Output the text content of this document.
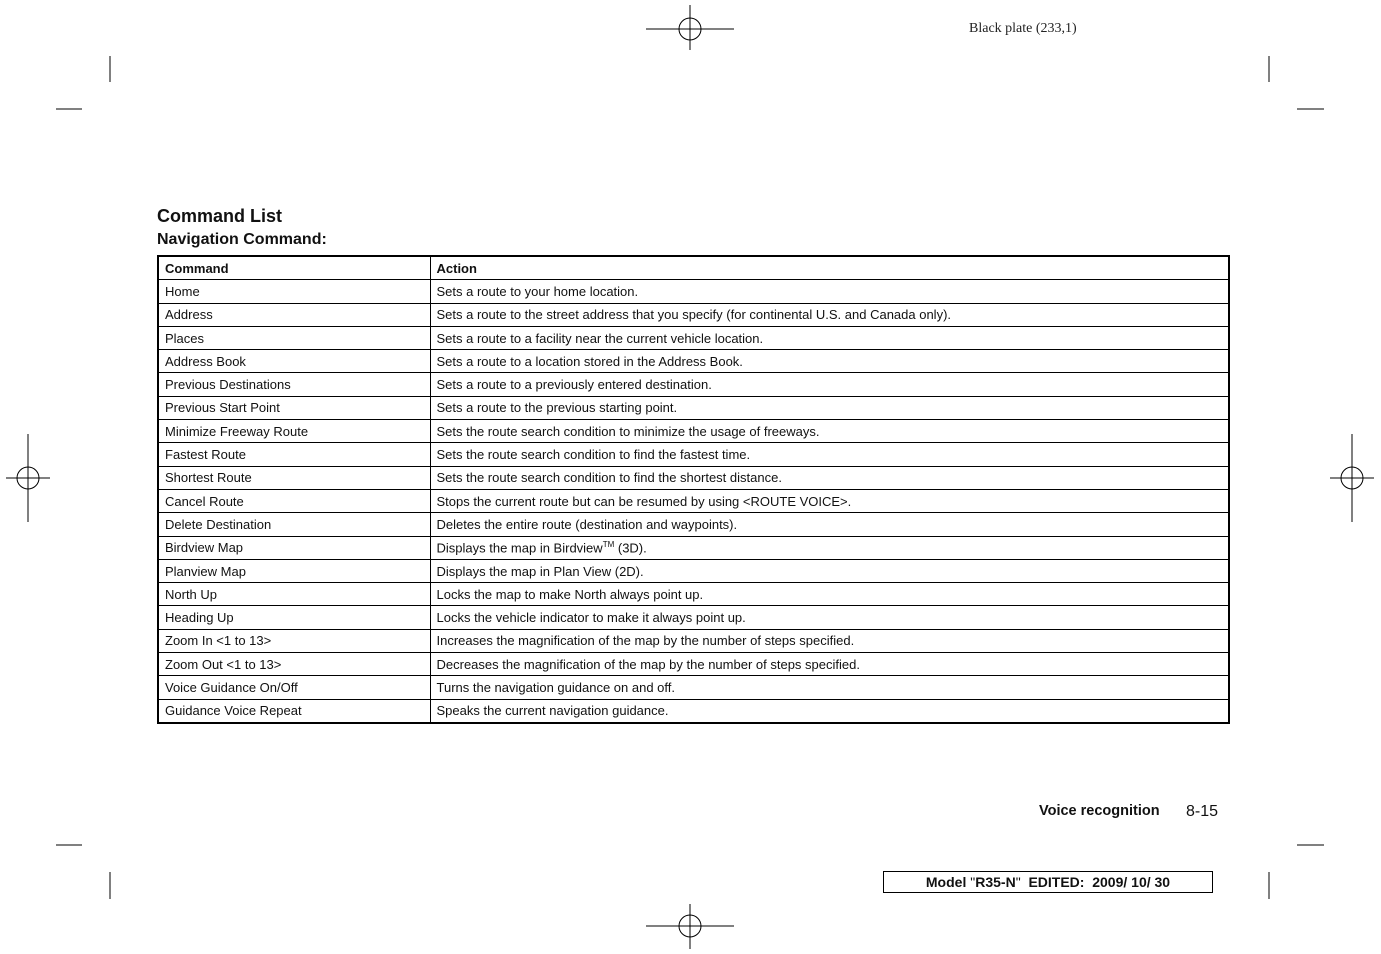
Black plate (233,1)
Command List
Navigation Command:
Command	Action
Home	Sets a route to your home location.
Address	Sets a route to the street address that you specify (for continental U.S. and Canada only).
Places	Sets a route to a facility near the current vehicle location.
Address Book	Sets a route to a location stored in the Address Book.
Previous Destinations	Sets a route to a previously entered destination.
Previous Start Point	Sets a route to the previous starting point.
Minimize Freeway Route	Sets the route search condition to minimize the usage of freeways.
Fastest Route	Sets the route search condition to find the fastest time.
Shortest Route	Sets the route search condition to find the shortest distance.
Cancel Route	Stops the current route but can be resumed by using <ROUTE VOICE>.
Delete Destination	Deletes the entire route (destination and waypoints).
Birdview Map	Displays the map in Birdview™ (3D).
Planview Map	Displays the map in Plan View (2D).
North Up	Locks the map to make North always point up.
Heading Up	Locks the vehicle indicator to make it always point up.
Zoom In <1 to 13>	Increases the magnification of the map by the number of steps specified.
Zoom Out <1 to 13>	Decreases the magnification of the map by the number of steps specified.
Voice Guidance On/Off	Turns the navigation guidance on and off.
Guidance Voice Repeat	Speaks the current navigation guidance.
Voice recognition 8-15
Model "R35-N" EDITED: 2009/ 10/ 30
